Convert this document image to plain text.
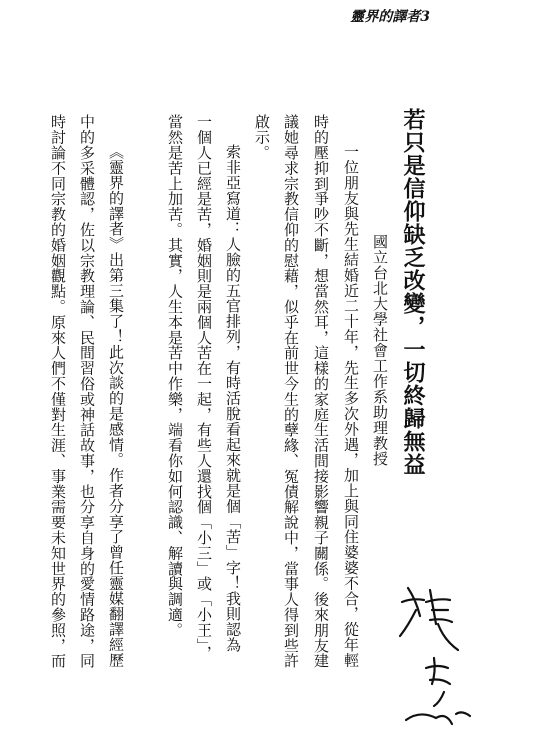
靈界的譯者3
若只是信仰缺乏改變，一切終歸無益
國立台北大學社會工作系助理教授
一位朋友與先生結婚近二十年，先生多次外遇，加上與同住婆婆不合，從年輕
時的壓抑到爭吵不斷，想當然耳，這樣的家庭生活間接影響親子關係。後來朋友建
議她尋求宗教信仰的慰藉，似乎在前世今生的孽緣、冤債解說中，當事人得到些許
啟示。
索非亞寫道：人臉的五官排列，有時活脫看起來就是個「苦」字！我則認為
一個人已經是苦，婚姻則是兩個人苦在一起，有些人還找個「小三」或「小王」，
當然是苦上加苦。其實，人生本是苦中作樂，端看你如何認識、解讀與調適。
《靈界的譯者》出第三集了！此次談的是感情。作者分享了曾任靈媒翻譯經歷
中的多采體認，佐以宗教理論、民間習俗或神話故事，也分享自身的愛情路途，同
時討論不同宗教的婚姻觀點。原來人們不僅對生涯、事業需要未知世界的參照，而
